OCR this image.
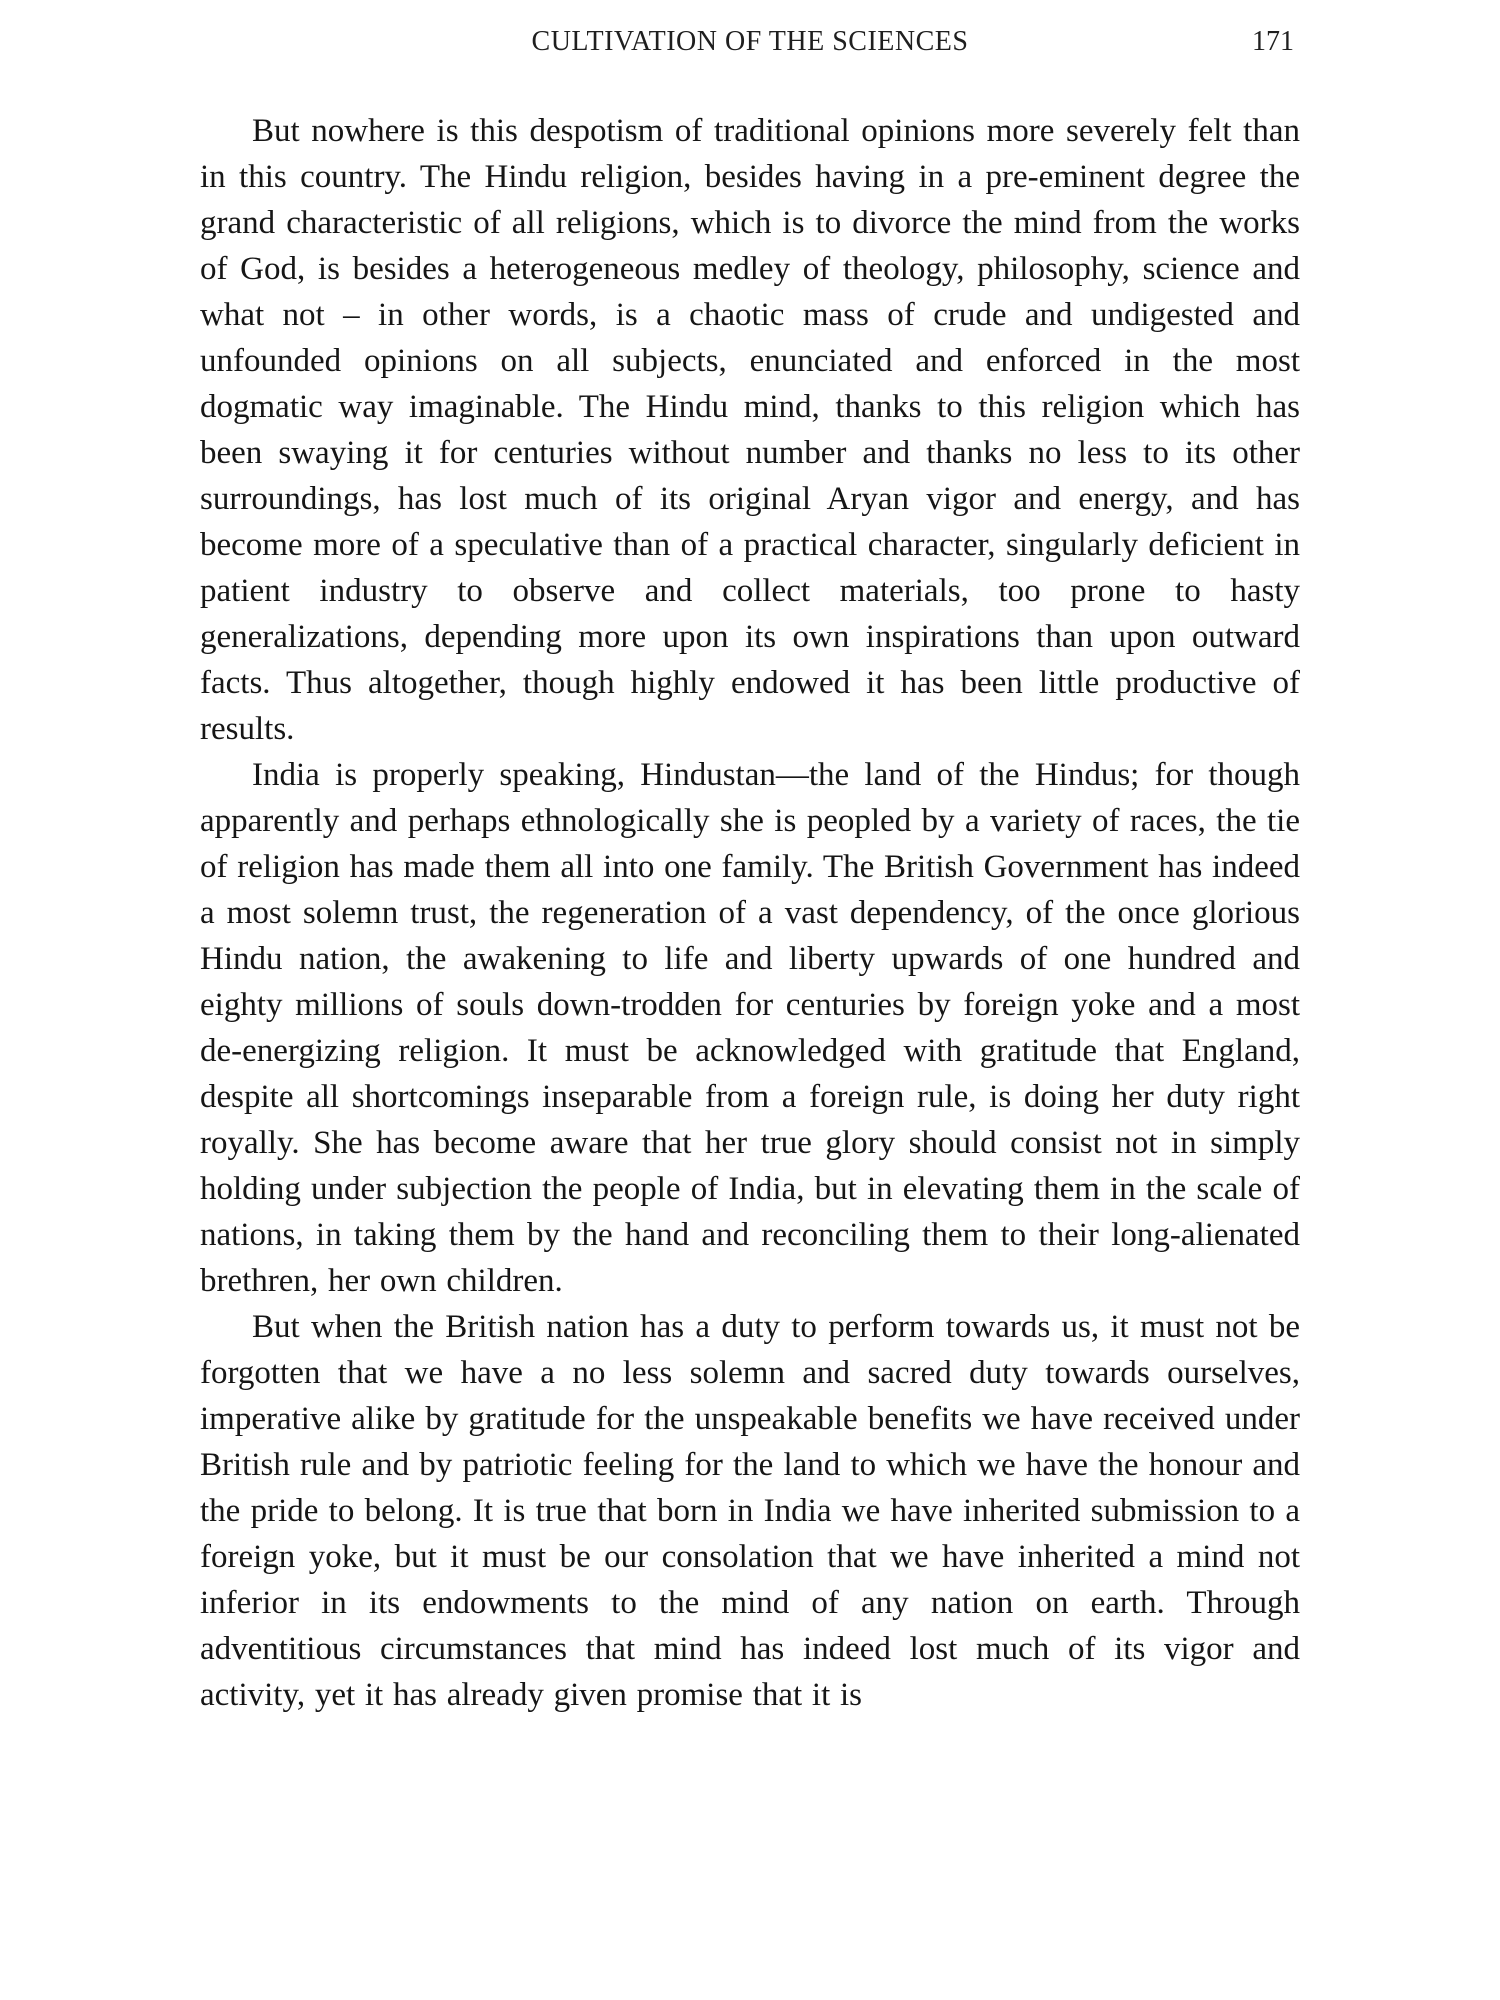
CULTIVATION OF THE SCIENCES	171

But nowhere is this despotism of traditional opinions more severely felt than in this country. The Hindu religion, besides having in a pre-eminent degree the grand characteristic of all religions, which is to divorce the mind from the works of God, is besides a heterogeneous medley of theology, philosophy, science and what not – in other words, is a chaotic mass of crude and undigested and unfounded opinions on all subjects, enunciated and enforced in the most dogmatic way imaginable. The Hindu mind, thanks to this religion which has been swaying it for centuries without number and thanks no less to its other surroundings, has lost much of its original Aryan vigor and energy, and has become more of a speculative than of a practical character, singularly deficient in patient industry to observe and collect materials, too prone to hasty generalizations, depending more upon its own inspirations than upon outward facts. Thus altogether, though highly endowed it has been little productive of results.

India is properly speaking, Hindustan—the land of the Hindus; for though apparently and perhaps ethnologically she is peopled by a variety of races, the tie of religion has made them all into one family. The British Government has indeed a most solemn trust, the regeneration of a vast dependency, of the once glorious Hindu nation, the awakening to life and liberty upwards of one hundred and eighty millions of souls down-trodden for centuries by foreign yoke and a most de-energizing religion. It must be acknowledged with gratitude that England, despite all shortcomings inseparable from a foreign rule, is doing her duty right royally. She has become aware that her true glory should consist not in simply holding under subjection the people of India, but in elevating them in the scale of nations, in taking them by the hand and reconciling them to their long-alienated brethren, her own children.

But when the British nation has a duty to perform towards us, it must not be forgotten that we have a no less solemn and sacred duty towards ourselves, imperative alike by gratitude for the unspeakable benefits we have received under British rule and by patriotic feeling for the land to which we have the honour and the pride to belong. It is true that born in India we have inherited submission to a foreign yoke, but it must be our consolation that we have inherited a mind not inferior in its endowments to the mind of any nation on earth. Through adventitious circumstances that mind has indeed lost much of its vigor and activity, yet it has already given promise that it is
